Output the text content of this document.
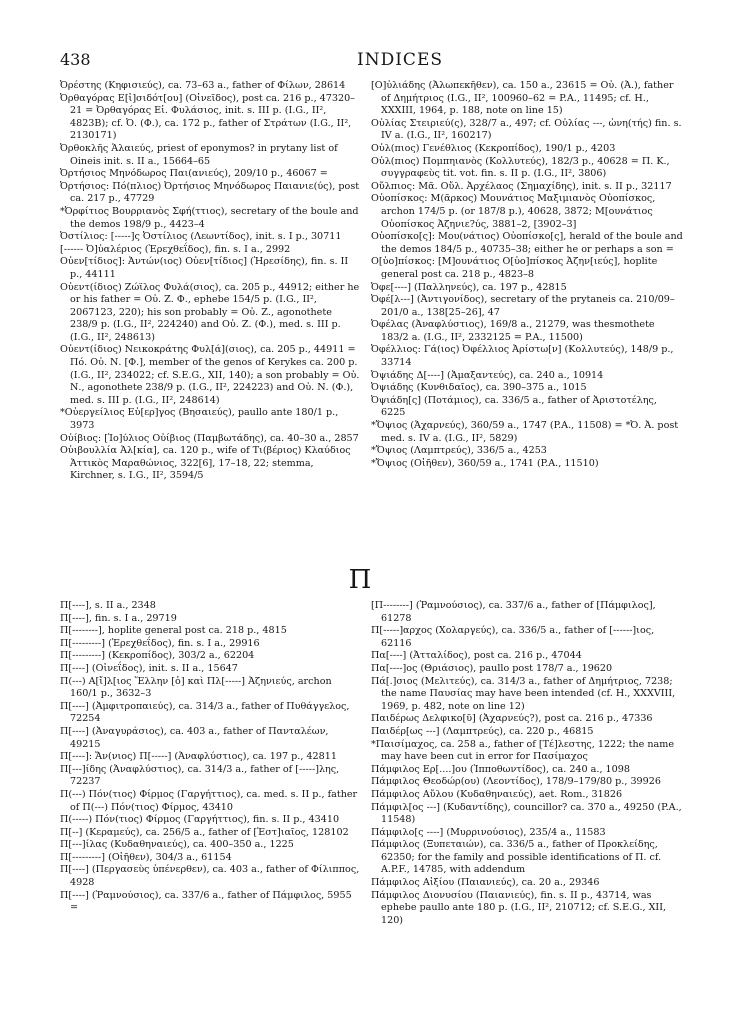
438	INDICES
Ὀρέστης (Κηφισιεύς), ca. 73–63 a., father of Φίλων, 28614
Ὀρθαγόρας Ε[ἰ]σιδότ[ου] (Οἰνεῖδος), post ca. 216 p., 47320–21 = Ὀρθαγόρας Εἰ. Φυλάσιος, init. s. III p. (I.G., II², 4823B); cf. Ὀ. (Φ.), ca. 172 p., father of Στράτων (I.G., II², 2130171)
Ὀρθοκλῆς Ἁλαιεύς, priest of eponymos? in prytany list of Oineis init. s. II a., 15664–65
Ὀρτήσιος Μηνόδωρος Παι(ανιεύς), 209/10 p., 46067 =
Ὀρτήσιος: Πό(πλιος) Ὀρτήσιος Μηνόδωρος Παιανιε(ύς), post ca. 217 p., 47729
*Ὀρφίτιος Βουρριανὸς Σφή(ττιος), secretary of the boule and the demos 198/9 p., 4423–4
Ὀστίλιος: [-----]ς Ὀστίλιος (Λεωντίδος), init. s. I p., 30711
[------ Ὀ]ὐαλέριος (Ἐρεχθεΐδος), fin. s. I a., 2992
Οὐεν[τίδιος]: Ἀντών(ιος) Οὐεν[τίδιος] (Ἡρεσίδης), fin. s. II p., 44111
Οὐεντ(ίδιος) Ζώϊλος Φυλά(σιος), ca. 205 p., 44912; either he or his father = Οὐ. Ζ. Φ., ephebe 154/5 p. (I.G., II², 2067123, 220); his son probably = Οὐ. Ζ., agonothete 238/9 p. (I.G., II², 224240) and Οὐ. Ζ. (Φ.), med. s. III p. (I.G., II², 248613)
Οὐεντ(ίδιος) Νεικοκράτης Φυλ[ά](σιος), ca. 205 p., 44911 = Πό. Οὐ. Ν. [Φ.], member of the genos of Kerykes ca. 200 p. (I.G., II², 234022; cf. S.E.G., XII, 140); a son probably = Οὐ. Ν., agonothete 238/9 p. (I.G., II², 224223) and Οὐ. Ν. (Φ.), med. s. III p. (I.G., II², 248614)
*Οὐεργείλιος Εὐ[ερ]γος (Βησαιεύς), paullo ante 180/1 p., 3973
Οὐίβιος: [Ἰο]ύλιος Οὐίβιος (Παμβωτάδης), ca. 40–30 a., 2857
Οὐιβουλλία Ἀλ[κία], ca. 120 p., wife of Τι(βέριος) Κλαύδιος Ἀττικὸς Μαραθώνιος, 322[6], 17–18, 22; stemma, Kirchner, s. I.G., II², 3594/5
[Ο]ὐλιάδης (Ἀλωπεκῆθεν), ca. 150 a., 23615 = Οὐ. (Ἀ.), father of Δημήτριος (I.G., II², 100960–62 = P.A., 11495; cf. H., XXXIII, 1964, p. 188, note on line 15)
Οὐλίας Στειριεύ(ς), 328/7 a., 497; cf. Οὐλίας ---, ὠνη(τής) fin. s. IV a. (I.G., II², 160217)
Οὐλ(πιος) Γενέθλιος (Κεκροπίδος), 190/1 p., 4203
Οὐλ(πιος) Πομπηιανὸς (Κολλυτεύς), 182/3 p., 40628 = Π. Κ., συγγραφεὺς tit. vot. fin. s. II p. (I.G., II², 3806)
Οὔλπιος: Μᾶ. Οὔλ. Ἀρχέλαος (Σημαχίδης), init. s. II p., 32117
Οὐοπίσκος: Μ(ᾶρκος) Μουνάτιος Μαξιμιανὸς Οὐοπίσκος, archon 174/5 p. (or 187/8 p.), 40628, 3872; Μ[ουνάτιος Οὐοπίσκος Ἀζηνιε?ύς, 3881–2, [3902–3]
Οὐοπίσκο[ς]: Μου(νάτιος) Οὐοπίσκο[ς], herald of the boule and the demos 184/5 p., 40735–38; either he or perhaps a son =
Ο[ὐο]πίσκος: [Μ]ουνάτιος Ο[ὐο]πίσκος Ἀζην[ιεύς], hoplite general post ca. 218 p., 4823–8
Ὀφε[----] (Παλληνεύς), ca. 197 p., 42815
Ὀφέ[λ---] (Ἀντιγονίδος), secretary of the prytaneis ca. 210/09–201/0 a., 138[25–26], 47
Ὀφέλας (Ἀναφλύστιος), 169/8 a., 21279, was thesmothete 183/2 a. (I.G., II², 2332125 = P.A., 11500)
Ὀφέλλιος: Γά(ιος) Ὀφέλλιος Ἀρίστω[ν] (Κολλυτεύς), 148/9 p., 33714
Ὀψιάδης Δ[----] (Ἀμαξαντεύς), ca. 240 a., 10914
Ὀψιάδης (Κυνθιδαῖος), ca. 390–375 a., 1015
Ὀψιάδη[ς] (Ποτάμιος), ca. 336/5 a., father of Ἀριστοτέλης, 6225
*Ὄψιος (Ἀχαρνεύς), 360/59 a., 1747 (P.A., 11508) = *Ὀ. Ἀ. post med. s. IV a. (I.G., II², 5829)
*Ὄψιος (Λαμπτρεύς), 336/5 a., 4253
*Ὄψιος (Οἰῆθεν), 360/59 a., 1741 (P.A., 11510)
Π
Π[----], s. II a., 2348
Π[----], fin. s. I a., 29719
Π[--------], hoplite general post ca. 218 p., 4815
Π[---------] (Ἐρεχθεΐδος), fin. s. I a., 29916
Π[---------] (Κεκροπίδος), 303/2 a., 62204
Π[----] (Οἰνεΐδος), init. s. II a., 15647
Π(---) Α[ἴ]λ[ιος Ἕλλην [ὁ] καὶ Πλ[-----] Ἀζηνιεύς, archon 160/1 p., 3632–3
Π[----] (Ἀμφιτροπαιεύς), ca. 314/3 a., father of Πυθάγγελος, 72254
Π[----] (Ἀναγυράσιος), ca. 403 a., father of Πανταλέων, 49215
Π[----]: Ἄν(νιος) Π[-----] (Ἀναφλύστιος), ca. 197 p., 42811
Π[---]ίδης (Ἀναφλύστιος), ca. 314/3 a., father of [-----]λης, 72237
Π(---) Πόν(τιος) Φίρμος (Γαργήττιος), ca. med. s. II p., father of Π(---) Πόν(τιος) Φίρμος, 43410
Π(-----) Πόν(τιος) Φίρμος (Γαργήττιος), fin. s. II p., 43410
Π[--] (Κεραμεύς), ca. 256/5 a., father of [Ἑστ]ιαῖος, 128102
Π[---]ίλας (Κυδαθηναιεύς), ca. 400–350 a., 1225
Π[---------] (Οἰῆθεν), 304/3 a., 61154
Π[----] (Περγασεὺς ὑπένερθεν), ca. 403 a., father of Φίλιππος, 4928
Π[----] (Ῥαμνούσιος), ca. 337/6 a., father of Πάμφιλος, 5955 =
[Π--------] (Ῥαμνούσιος), ca. 337/6 a., father of [Πάμφιλος], 61278
Π[-----]αρχος (Χολαργεύς), ca. 336/5 a., father of [------]ιος, 62116
Πα[----] (Ἀτταλίδος), post ca. 216 p., 47044
Πα[----]ος (Θριάσιος), paullo post 178/7 a., 19620
Πά[.]σιος (Μελιτεύς), ca. 314/3 a., father of Δημήτριος, 7238; the name Παυσίας may have been intended (cf. H., XXXVIII, 1969, p. 482, note on line 12)
Παιδέρως Δελφικο[ῦ] (Ἀχαρνεύς?), post ca. 216 p., 47336
Παιδέρ[ως ---] (Λαμπτρεύς), ca. 220 p., 46815
*Παισίμαχος, ca. 258 a., father of [Τέ]λεστης, 1222; the name may have been cut in error for Πασίμαχος
Πάμφιλος Ερ[....]ου (Ἱπποθωντίδος), ca. 240 a., 1098
Πάμφιλος Θεοδώρ(ου) (Λεοντίδος), 178/9–179/80 p., 39926
Πάμφιλος Αὔλου (Κυδαθηναιεύς), aet. Rom., 31826
Πάμφιλ[ος ---] (Κυδαντίδης), councillor? ca. 370 a., 49250 (P.A., 11548)
Πάμφιλο[ς ----] (Μυρρινούσιος), 235/4 a., 11583
Πάμφιλος (Ξυπεταιών), ca. 336/5 a., father of Προκλείδης, 62350; for the family and possible identifications of Π. cf. A.P.F., 14785, with addendum
Πάμφιλος Αἰξίου (Παιανιεύς), ca. 20 a., 29346
Πάμφιλος Διονυσίου (Παιανιεύς), fin. s. II p., 43714, was ephebe paullo ante 180 p. (I.G., II², 210712; cf. S.E.G., XII, 120)
